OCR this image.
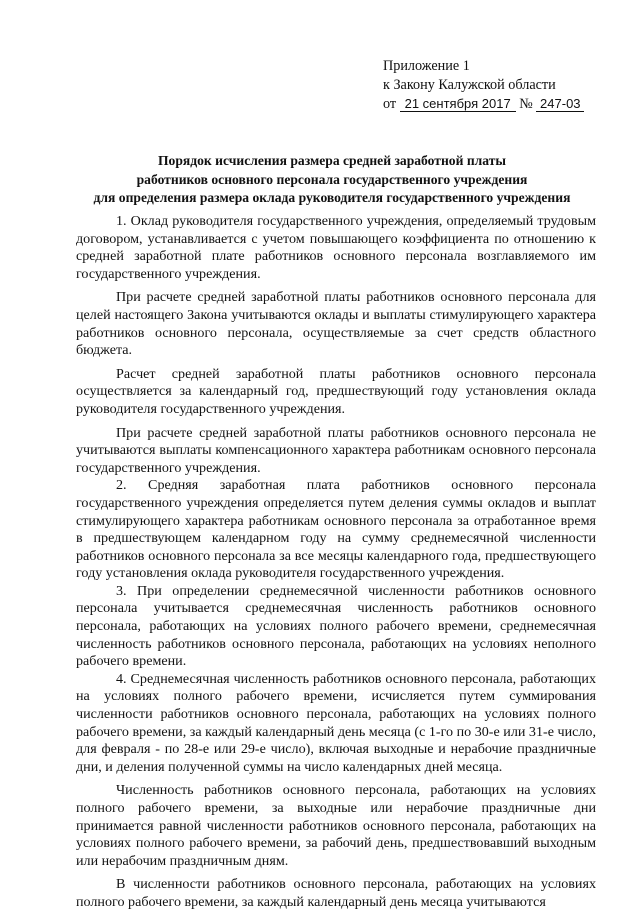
Приложение 1
к Закону Калужской области
от 21 сентября 2017 № 247-03
Порядок исчисления размера средней заработной платы
работников основного персонала государственного учреждения
для определения размера оклада руководителя государственного учреждения

1. Оклад руководителя государственного учреждения, определяемый трудовым договором, устанавливается с учетом повышающего коэффициента по отношению к средней заработной плате работников основного персонала возглавляемого им государственного учреждения.

При расчете средней заработной платы работников основного персонала для целей настоящего Закона учитываются оклады и выплаты стимулирующего характера работников основного персонала, осуществляемые за счет средств областного бюджета.

Расчет средней заработной платы работников основного персонала осуществляется за календарный год, предшествующий году установления оклада руководителя государственного учреждения.

При расчете средней заработной платы работников основного персонала не учитываются выплаты компенсационного характера работникам основного персонала государственного учреждения.

2. Средняя заработная плата работников основного персонала государственного учреждения определяется путем деления суммы окладов и выплат стимулирующего характера работникам основного персонала за отработанное время в предшествующем календарном году на сумму среднемесячной численности работников основного персонала за все месяцы календарного года, предшествующего году установления оклада руководителя государственного учреждения.

3. При определении среднемесячной численности работников основного персонала учитывается среднемесячная численность работников основного персонала, работающих на условиях полного рабочего времени, среднемесячная численность работников основного персонала, работающих на условиях неполного рабочего времени.

4. Среднемесячная численность работников основного персонала, работающих на условиях полного рабочего времени, исчисляется путем суммирования численности работников основного персонала, работающих на условиях полного рабочего времени, за каждый календарный день месяца (с 1-го по 30-е или 31-е число, для февраля - по 28-е или 29-е число), включая выходные и нерабочие праздничные дни, и деления полученной суммы на число календарных дней месяца.

Численность работников основного персонала, работающих на условиях полного рабочего времени, за выходные или нерабочие праздничные дни принимается равной численности работников основного персонала, работающих на условиях полного рабочего времени, за рабочий день, предшествовавший выходным или нерабочим праздничным дням.

В численности работников основного персонала, работающих на условиях полного рабочего времени, за каждый календарный день месяца учитываются
